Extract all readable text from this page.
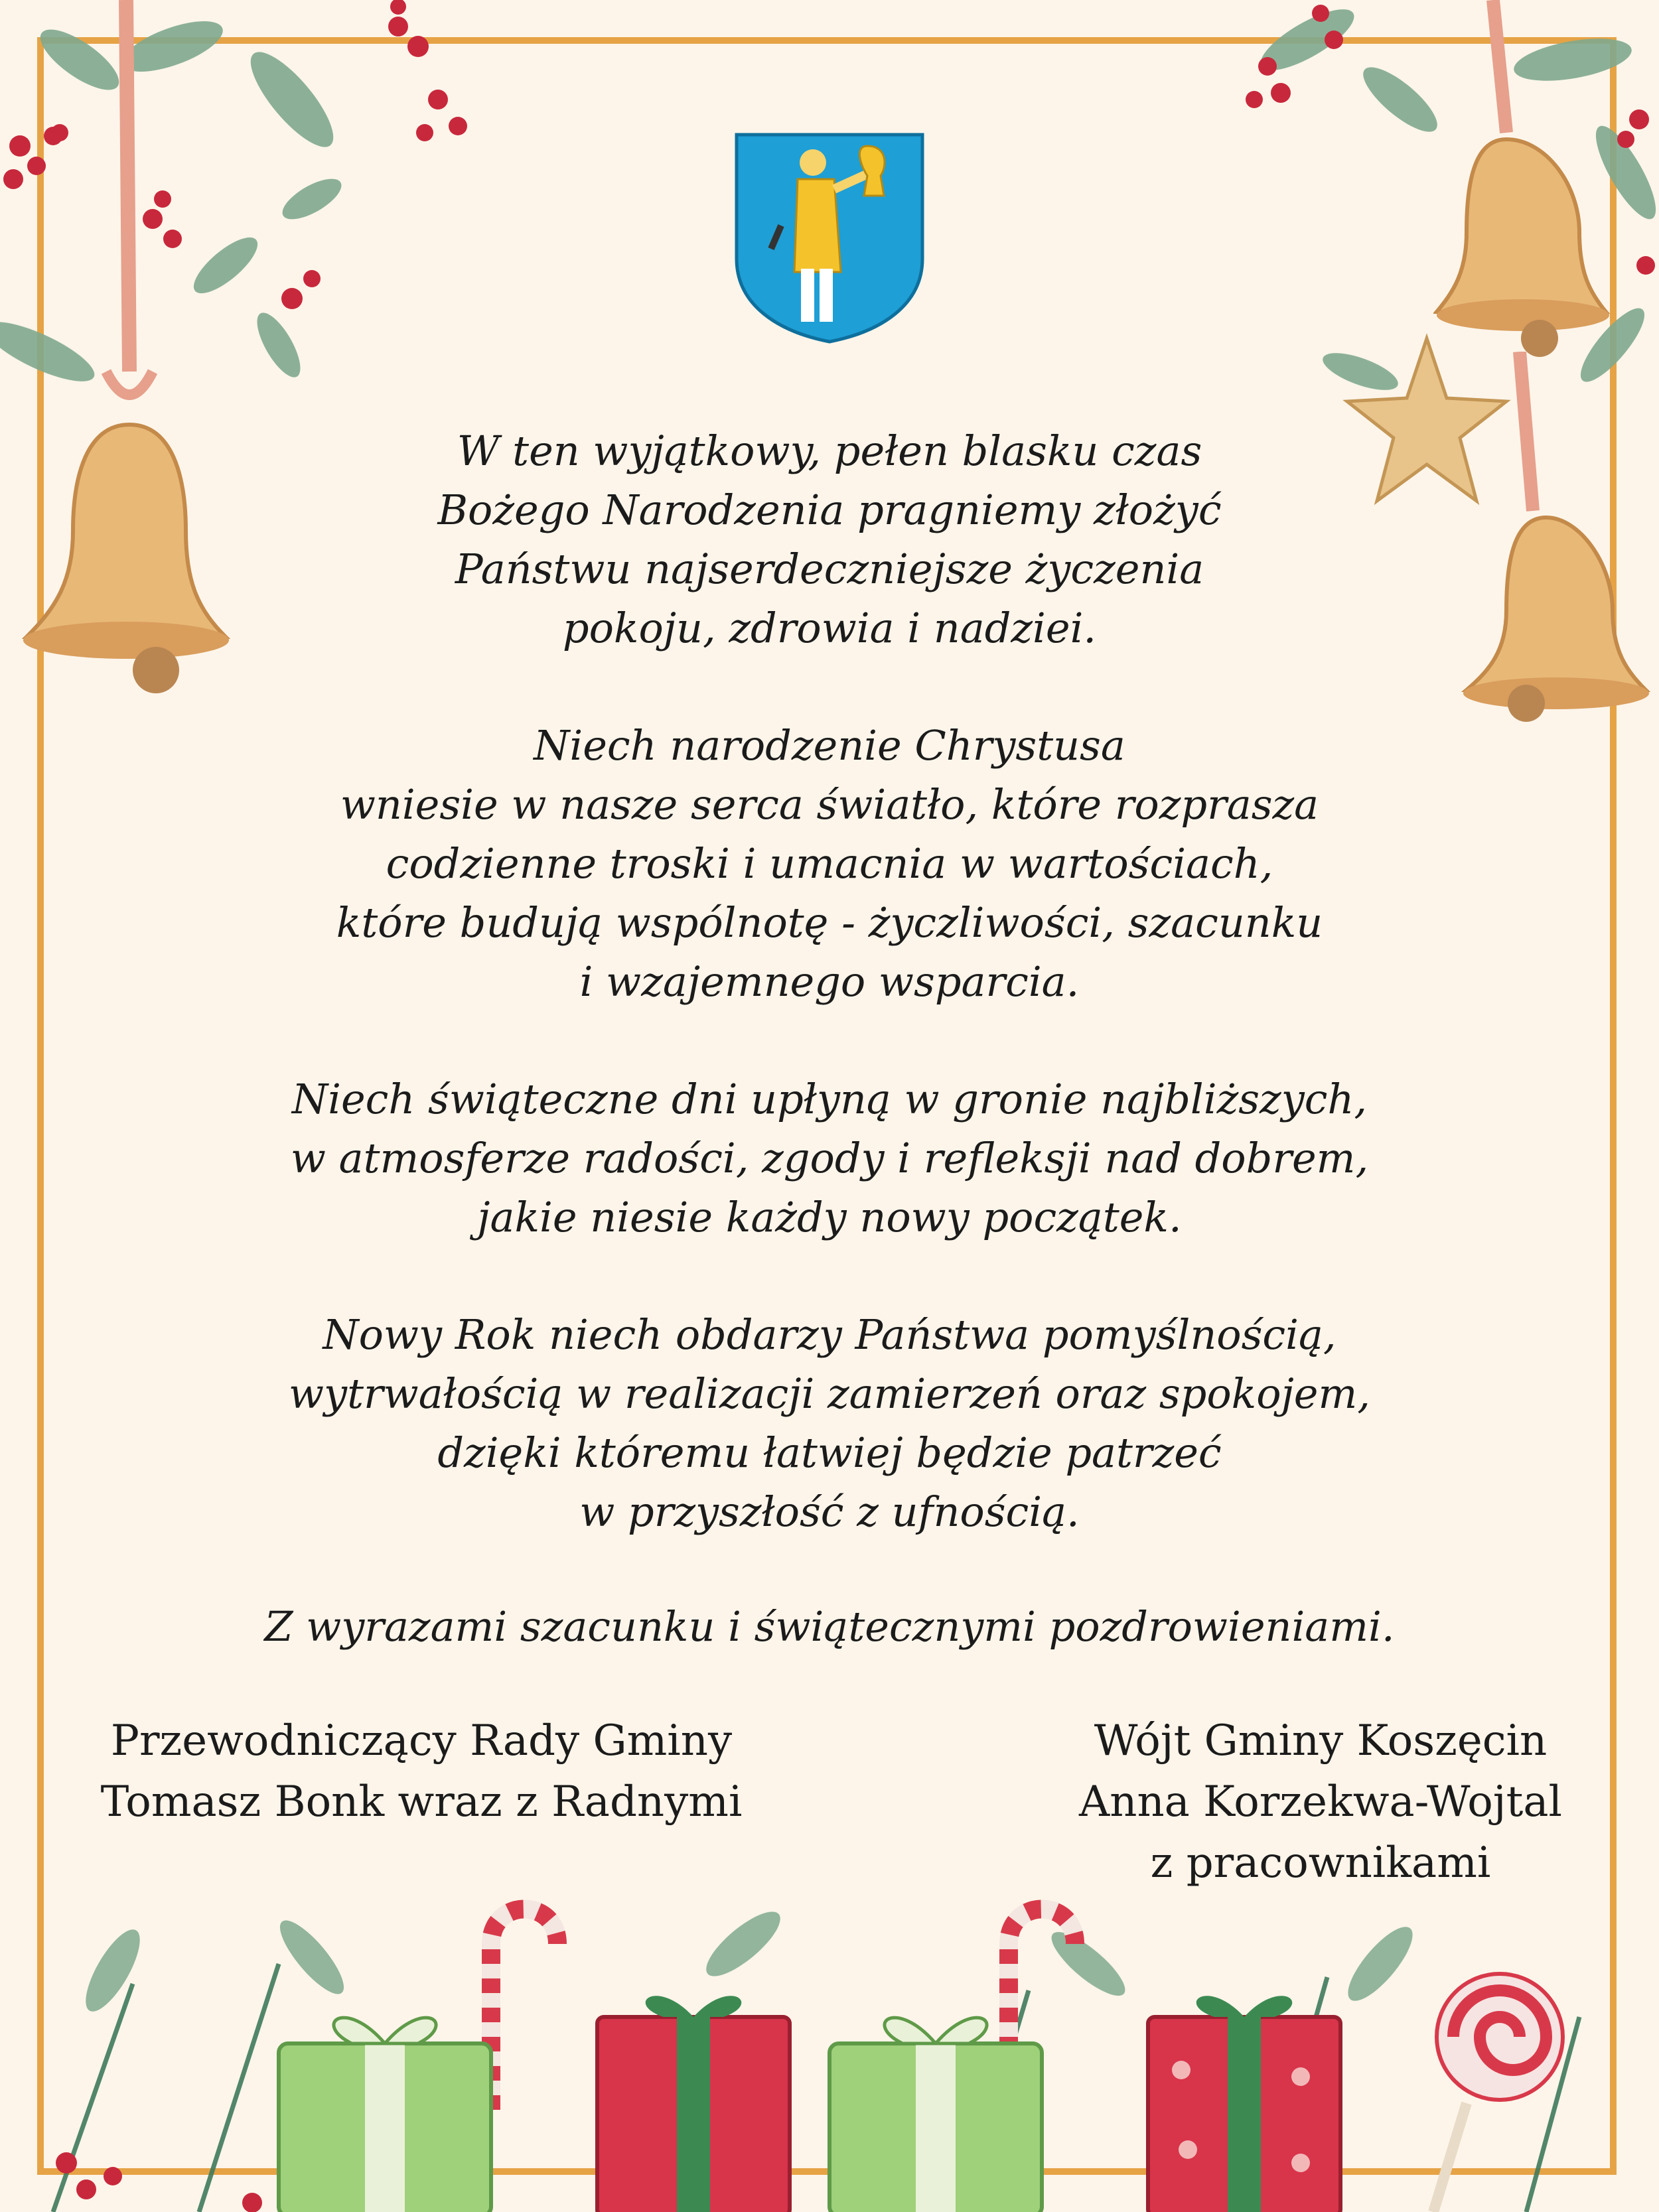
W ten wyjątkowy, pełen blasku czas
Bożego Narodzenia pragniemy złożyć
Państwu najserdeczniejsze życzenia
pokoju, zdrowia i nadziei.

Niech narodzenie Chrystusa
wniesie w nasze serca światło, które rozprasza
codzienne troski i umacnia w wartościach,
które budują wspólnotę - życzliwości, szacunku
i wzajemnego wsparcia.

Niech świąteczne dni upłyną w gronie najbliższych,
w atmosferze radości, zgody i refleksji nad dobrem,
jakie niesie każdy nowy początek.

Nowy Rok niech obdarzy Państwa pomyślnością,
wytrwałością w realizacji zamierzeń oraz spokojem,
dzięki któremu łatwiej będzie patrzeć
w przyszłość z ufnością.

Z wyrazami szacunku i świątecznymi pozdrowieniami.

Przewodniczący Rady Gminy
Tomasz Bonk wraz z Radnymi
Wójt Gminy Koszęcin
Anna Korzekwa-Wojtal
z pracownikami
